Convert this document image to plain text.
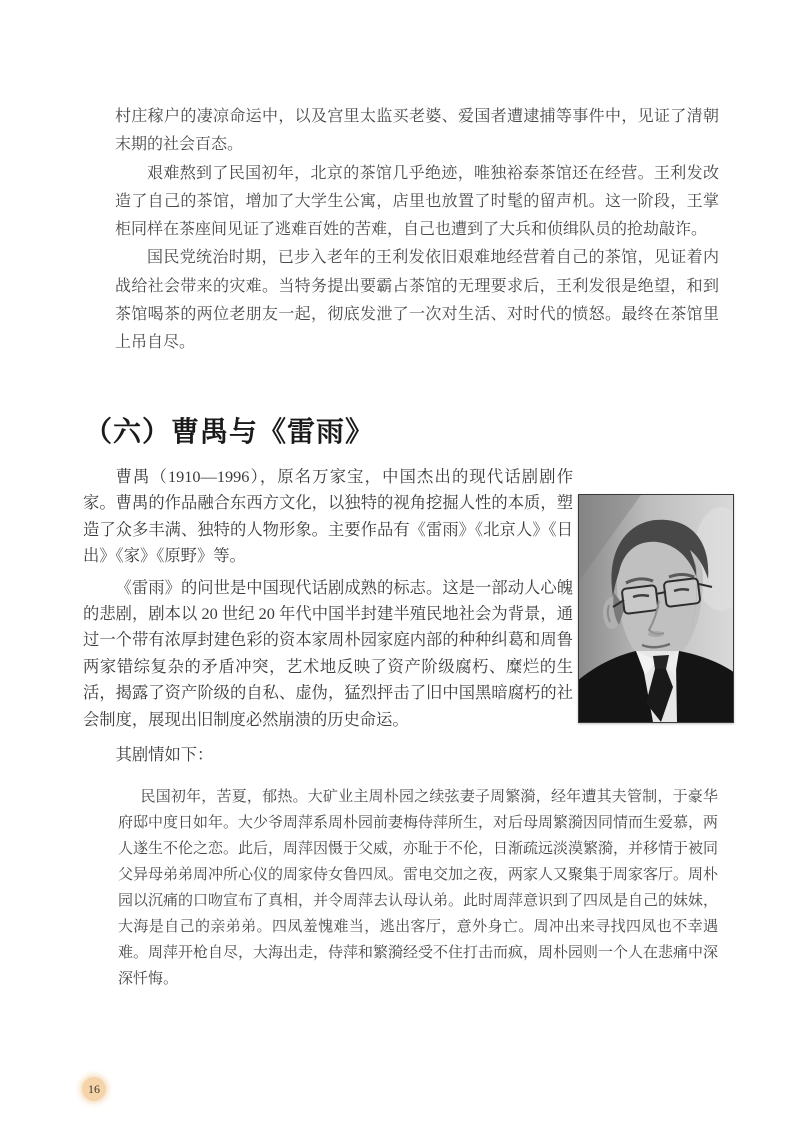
村庄稼户的凄凉命运中，以及宫里太监买老婆、爱国者遭逮捕等事件中，见证了清朝末期的社会百态。

艰难熬到了民国初年，北京的茶馆几乎绝迹，唯独裕泰茶馆还在经营。王利发改造了自己的茶馆，增加了大学生公寓，店里也放置了时髦的留声机。这一阶段，王掌柜同样在茶座间见证了逃难百姓的苦难，自己也遭到了大兵和侦缉队员的抢劫敲诈。

国民党统治时期，已步入老年的王利发依旧艰难地经营着自己的茶馆，见证着内战给社会带来的灾难。当特务提出要霸占茶馆的无理要求后，王利发很是绝望，和到茶馆喝茶的两位老朋友一起，彻底发泄了一次对生活、对时代的愤怒。最终在茶馆里上吊自尽。

（六）曹禺与《雷雨》

曹禺（1910—1996），原名万家宝，中国杰出的现代话剧剧作家。曹禺的作品融合东西方文化，以独特的视角挖掘人性的本质，塑造了众多丰满、独特的人物形象。主要作品有《雷雨》《北京人》《日出》《家》《原野》等。

《雷雨》的问世是中国现代话剧成熟的标志。这是一部动人心魄的悲剧，剧本以 20 世纪 20 年代中国半封建半殖民地社会为背景，通过一个带有浓厚封建色彩的资本家周朴园家庭内部的种种纠葛和周鲁两家错综复杂的矛盾冲突，艺术地反映了资产阶级腐朽、糜烂的生活，揭露了资产阶级的自私、虚伪，猛烈抨击了旧中国黑暗腐朽的社会制度，展现出旧制度必然崩溃的历史命运。

其剧情如下：

民国初年，苦夏，郁热。大矿业主周朴园之续弦妻子周繁漪，经年遭其夫管制，于豪华府邸中度日如年。大少爷周萍系周朴园前妻梅侍萍所生，对后母周繁漪因同情而生爱慕，两人遂生不伦之恋。此后，周萍因慑于父威，亦耻于不伦，日渐疏远淡漠繁漪，并移情于被同父异母弟弟周冲所心仪的周家侍女鲁四凤。雷电交加之夜，两家人又聚集于周家客厅。周朴园以沉痛的口吻宣布了真相，并令周萍去认母认弟。此时周萍意识到了四凤是自己的妹妹，大海是自己的亲弟弟。四凤羞愧难当，逃出客厅，意外身亡。周冲出来寻找四凤也不幸遇难。周萍开枪自尽，大海出走，侍萍和繁漪经受不住打击而疯，周朴园则一个人在悲痛中深深忏悔。
16
